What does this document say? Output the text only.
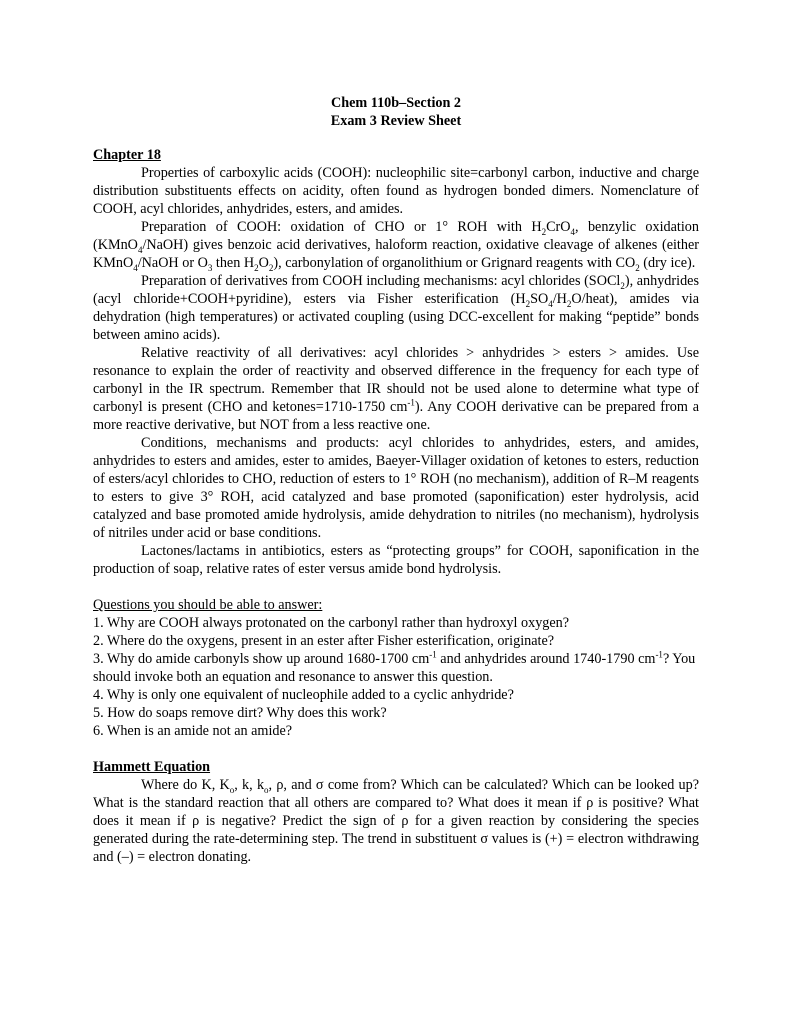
Chem 110b–Section 2
Exam 3 Review Sheet
Chapter 18

Properties of carboxylic acids (COOH): nucleophilic site=carbonyl carbon, inductive and charge distribution substituents effects on acidity, often found as hydrogen bonded dimers. Nomenclature of COOH, acyl chlorides, anhydrides, esters, and amides.

Preparation of COOH: oxidation of CHO or 1° ROH with $H_2CrO_4$, benzylic oxidation (KMnO$_4$/NaOH) gives benzoic acid derivatives, haloform reaction, oxidative cleavage of alkenes (either KMnO$_4$/NaOH or $O_3$ then $H_2O_2$), carbonylation of organolithium or Grignard reagents with $CO_2$ (dry ice).

Preparation of derivatives from COOH including mechanisms: acyl chlorides (SOCl$_2$), anhydrides (acyl chloride+COOH+pyridine), esters via Fisher esterification $(H_2SO_4/H_2O/heat)$, amides via dehydration (high temperatures) or activated coupling (using DCC-excellent for making “peptide” bonds between amino acids).

Relative reactivity of all derivatives: acyl chlorides > anhydrides > esters > amides. Use resonance to explain the order of reactivity and observed difference in the frequency for each type of carbonyl in the IR spectrum. Remember that IR should not be used alone to determine what type of carbonyl is present (CHO and ketones=1710-1750 $cm^{-1}$). Any COOH derivative can be prepared from a more reactive derivative, but NOT from a less reactive one.

Conditions, mechanisms and products: acyl chlorides to anhydrides, esters, and amides, anhydrides to esters and amides, ester to amides, Baeyer-Villager oxidation of ketones to esters, reduction of esters/acyl chlorides to CHO, reduction of esters to 1° ROH (no mechanism), addition of R–M reagents to esters to give 3° ROH, acid catalyzed and base promoted (saponification) ester hydrolysis, acid catalyzed and base promoted amide hydrolysis, amide dehydration to nitriles (no mechanism), hydrolysis of nitriles under acid or base conditions.

Lactones/lactams in antibiotics, esters as “protecting groups” for COOH, saponification in the production of soap, relative rates of ester versus amide bond hydrolysis.

Questions you should be able to answer:
1. Why are COOH always protonated on the carbonyl rather than hydroxyl oxygen?
2. Where do the oxygens, present in an ester after Fisher esterification, originate?
3. Why do amide carbonyls show up around 1680-1700 $cm^{-1}$ and anhydrides around 1740-1790 $cm^{-1}$? You should invoke both an equation and resonance to answer this question.
4. Why is only one equivalent of nucleophile added to a cyclic anhydride?
5. How do soaps remove dirt? Why does this work?
6. When is an amide not an amide?
Hammett Equation

Where do K, $K_o$, k, $k_o$, ρ, and σ come from? Which can be calculated? Which can be looked up? What is the standard reaction that all others are compared to? What does it mean if ρ is positive? What does it mean if ρ is negative? Predict the sign of ρ for a given reaction by considering the species generated during the rate-determining step. The trend in substituent σ values is (+) = electron withdrawing and (–) = electron donating.
